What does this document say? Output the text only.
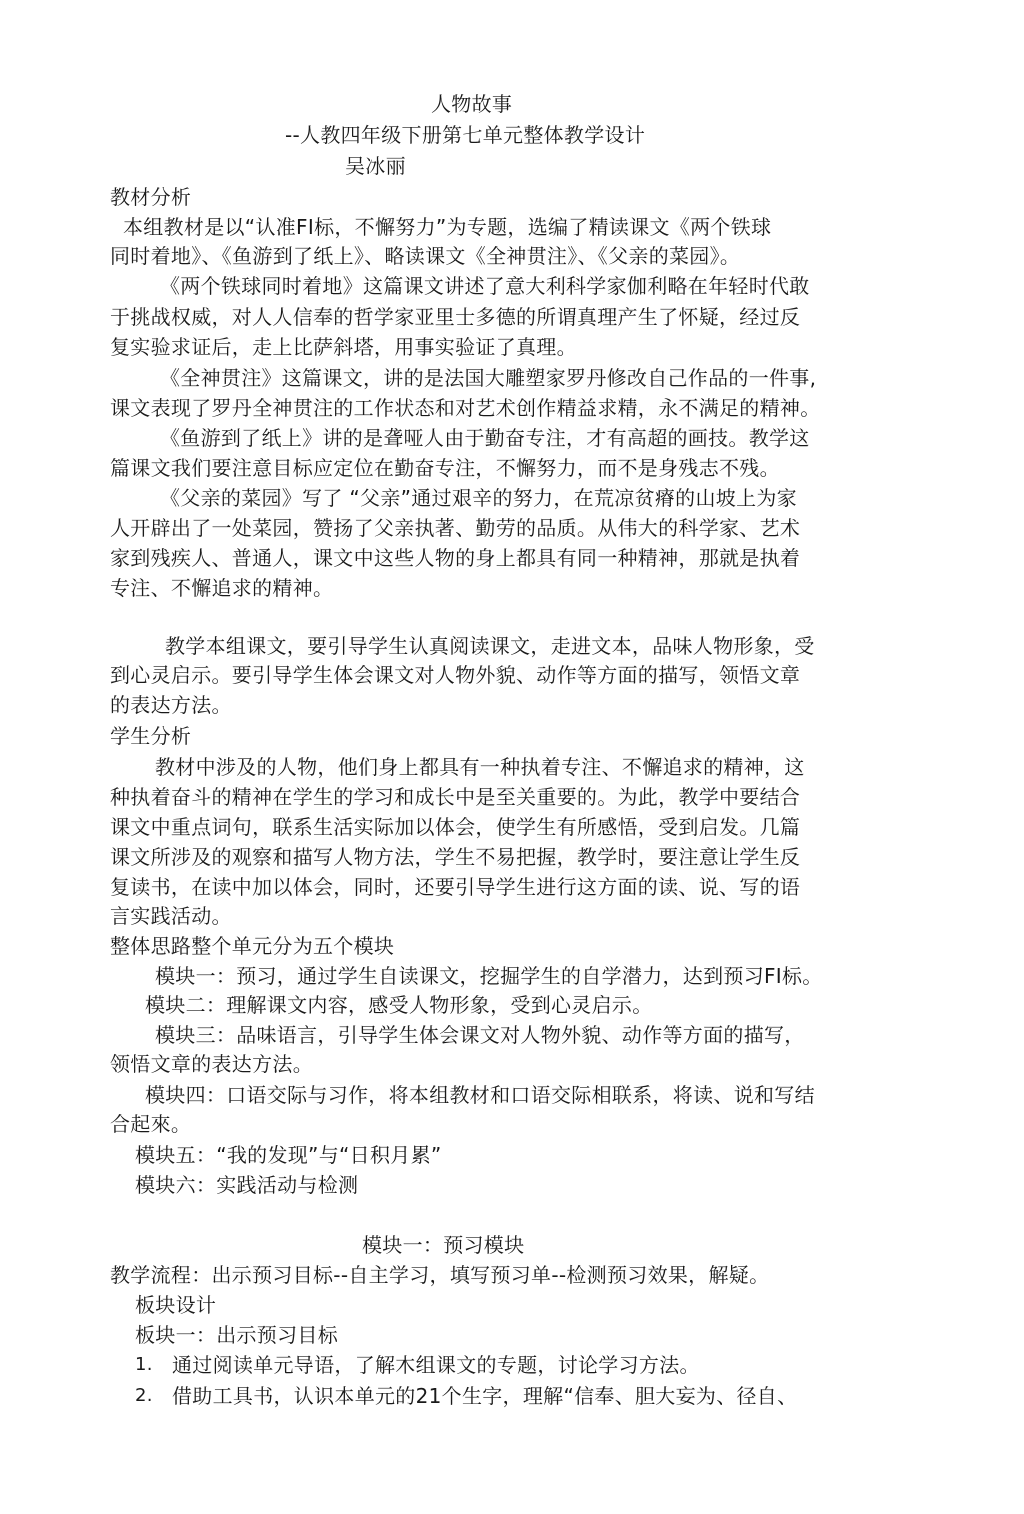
人物故事
--人教四年级下册第七单元整体教学设计
吴冰丽
教材分析
本组教材是以“认准FI标，不懈努力”为专题，选编了精读课文《两个铁球
同时着地》、《鱼游到了纸上》、略读课文《全神贯注》、《父亲的菜园》。
《两个铁球同时着地》这篇课文讲述了意大利科学家伽利略在年轻时代敢
于挑战权威，对人人信奉的哲学家亚里士多德的所谓真理产生了怀疑，经过反
复实验求证后，走上比萨斜塔，用事实验证了真理。
《全神贯注》这篇课文，讲的是法国大雕塑家罗丹修改自己作品的一件事,
课文表现了罗丹全神贯注的工作状态和对艺术创作精益求精，永不满足的精神。
《鱼游到了纸上》讲的是聋哑人由于勤奋专注，才有高超的画技。教学这
篇课文我们要注意目标应定位在勤奋专注，不懈努力，而不是身残志不残。
《父亲的菜园》写了 “父亲”通过艰辛的努力，在荒凉贫瘠的山坡上为家
人开辟出了一处菜园，赞扬了父亲执著、勤劳的品质。从伟大的科学家、艺术
家到残疾人、普通人，课文中这些人物的身上都具有同一种精神，那就是执着
专注、不懈追求的精神。
教学本组课文，要引导学生认真阅读课文，走进文本，品味人物形象，受
到心灵启示。要引导学生体会课文对人物外貌、动作等方面的描写，领悟文章
的表达方法。
学生分析
教材中涉及的人物，他们身上都具有一种执着专注、不懈追求的精神，这
种执着奋斗的精神在学生的学习和成长中是至关重要的。为此，教学中要结合
课文中重点词句，联系生活实际加以体会，使学生有所感悟，受到启发。几篇
课文所涉及的观察和描写人物方法，学生不易把握，教学时，要注意让学生反
复读书，在读中加以体会，同时，还要引导学生进行这方面的读、说、写的语
言实践活动。
整体思路整个单元分为五个模块
模块一：预习，通过学生自读课文，挖掘学生的自学潜力，达到预习FI标。
模块二：理解课文内容，感受人物形象，受到心灵启示。
模块三：品味语言，引导学生体会课文对人物外貌、动作等方面的描写，
领悟文章的表达方法。
模块四：口语交际与习作，将本组教材和口语交际相联系，将读、说和写结
合起來。
模块五：“我的发现”与“日积月累”
模块六：实践活动与检测
模块一：预习模块
教学流程：出示预习目标--自主学习，填写预习单--检测预习效果，解疑。
板块设计
板块一：出示预习目标
1. 通过阅读单元导语，了解木组课文的专题，讨论学习方法。
2. 借助工具书，认识本单元的21个生字，理解“信奉、胆大妄为、径自、
